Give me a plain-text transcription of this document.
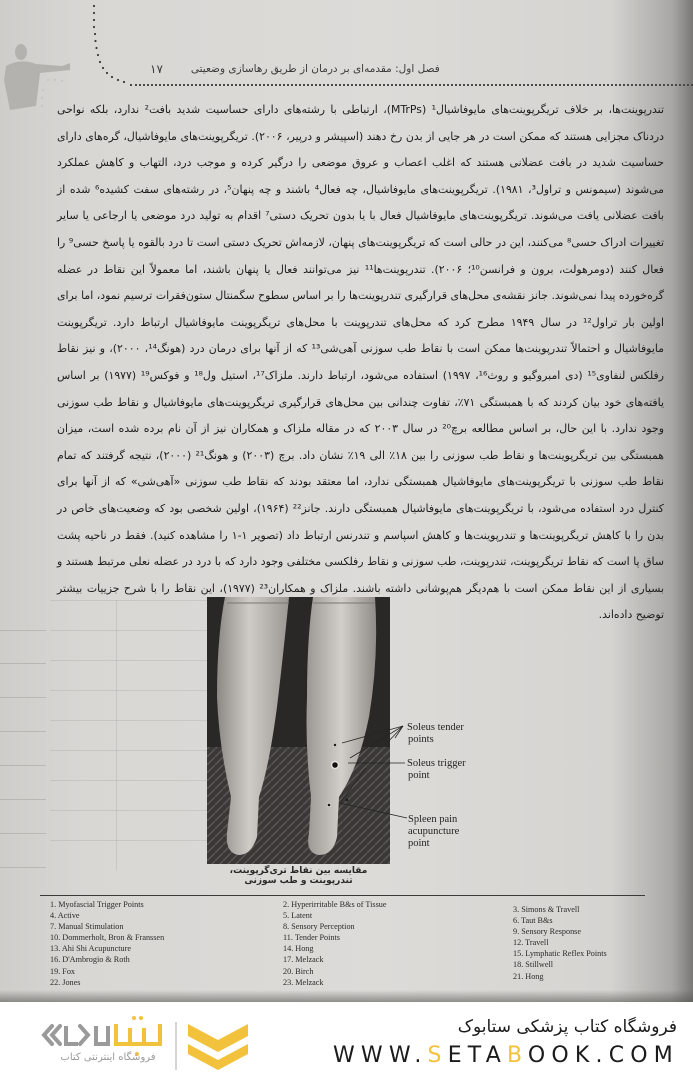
فصل اول: مقدمه‌ای بر درمان از طریق رهاسازی وضعیتی
۱۷

تندرپوینت‌ها، بر خلاف تریگرپوینت‌های مایوفاشیال¹ (MTrPs)، ارتباطی با رشته‌های دارای حساسیت شدید بافت² ندارد، بلکه نواحی دردناک مجزایی هستند که ممکن است در هر جایی از بدن رخ دهند (اسپیشر و درپیر، ۲۰۰۶). تریگرپوینت‌های مایوفاشیال، گره‌های دارای حساسیت شدید در بافت عضلانی هستند که اغلب اعصاب و عروق موضعی را درگیر کرده و موجب درد، التهاب و کاهش عملکرد می‌شوند (سیمونس و تراول³، ۱۹۸۱). تریگرپوینت‌های مایوفاشیال، چه فعال⁴ باشند و چه پنهان⁵، در رشته‌های سفت کشیده⁶ شده از بافت عضلانی یافت می‌شوند. تریگرپوینت‌های مایوفاشیال فعال با یا بدون تحریک دستی⁷ اقدام به تولید درد موضعی یا ارجاعی یا سایر تغییرات ادراک حسی⁸ می‌کنند، این در حالی است که تریگرپوینت‌های پنهان، لازمه‌اش تحریک دستی است تا درد بالقوه یا پاسخ حسی⁹ را فعال کنند (دومرهولت، برون و فرانسن¹⁰؛ ۲۰۰۶). تندرپوینت‌ها¹¹ نیز می‌توانند فعال یا پنهان باشند، اما معمولاً این نقاط در عضله گره‌خورده پیدا نمی‌شوند. جانز نقشه‌ی محل‌های قرارگیری تندرپوینت‌ها را بر اساس سطوح سگمنتال ستون‌فقرات ترسیم نمود، اما برای اولین بار تراول¹² در سال ۱۹۴۹ مطرح کرد که محل‌های تندرپوینت با محل‌های تریگرپوینت مایوفاشیال ارتباط دارد. تریگرپوینت مایوفاشیال و احتمالاً تندرپوینت‌ها ممکن است با نقاط طب سوزنی آهی‌شی¹³ که از آنها برای درمان درد (هونگ¹⁴، ۲۰۰۰)، و نیز نقاط رفلکس لنفاوی¹⁵ (دی امبروگیو و روث¹⁶، ۱۹۹۷) استفاده می‌شود، ارتباط دارند. ملزاک¹⁷، استیل ول¹⁸ و فوکس¹⁹ (۱۹۷۷) بر اساس یافته‌های خود بیان کردند که با همبستگی ۷۱٪، تفاوت چندانی بین محل‌های قرارگیری تریگرپوینت‌های مایوفاشیال و نقاط طب سوزنی وجود ندارد. با این حال، بر اساس مطالعه برچ²⁰ در سال ۲۰۰۳ که در مقاله ملزاک و همکاران نیز از آن نام برده شده است، میزان همبستگی بین تریگرپوینت‌ها و نقاط طب سوزنی را بین ۱۸٪ الی ۱۹٪ نشان داد. برچ (۲۰۰۳) و هونگ²¹ (۲۰۰۰)، نتیجه گرفتند که تمام نقاط طب سوزنی با تریگرپوینت‌های مایوفاشیال همبستگی ندارد، اما معتقد بودند که نقاط طب سوزنی «آهی‌شی» که از آنها برای کنترل درد استفاده می‌شود، با تریگرپوینت‌های مایوفاشیال همبستگی دارند. جانز²² (۱۹۶۴)، اولین شخصی بود که وضعیت‌های خاص در بدن را با کاهش تریگرپوینت‌ها و تندرپوینت‌ها و کاهش اسپاسم و تندرنس ارتباط داد (تصویر ۱-۱ را مشاهده کنید). فقط در ناحیه پشت ساق پا است که نقاط تریگرپوینت، تندرپوینت، طب سوزنی و نقاط رفلکسی مختلفی وجود دارد که با درد در عضله نعلی مرتبط هستند و بسیاری از این نقاط ممکن است با هم‌دیگر هم‌پوشانی داشته باشند. ملزاک و همکاران²³ (۱۹۷۷)، این نقاط را با شرح جزییات بیشتر توضیح داده‌اند.

Soleus tender
points
Soleus trigger
point
Spleen pain
acupuncture
point
مقایسه بین نقاط تری‌گرپوینت، تندرپوینت و طب سوزنی
1. Myofascial Trigger Points
4. Active
7. Manual Stimulation
10. Dommerholt, Bron & Franssen
13. Ahi Shi Acupuncture
16. D'Ambrogio & Roth
19. Fox
22. Jones
2. Hyperirritable B&s of Tissue
5. Latent
8. Sensory Perception
11. Tender Points
14. Hong
17. Melzack
20. Birch
23. Melzack
3. Simons & Travell
6. Taut B&s
9. Sensory Response
12. Travell
15. Lymphatic Reflex Points
18. Stillwell
21. Hong
فروشگاه اینترنتی کتاب
فروشگاه کتاب پزشکی ستابوک
WWW.SETABOOK.COM
